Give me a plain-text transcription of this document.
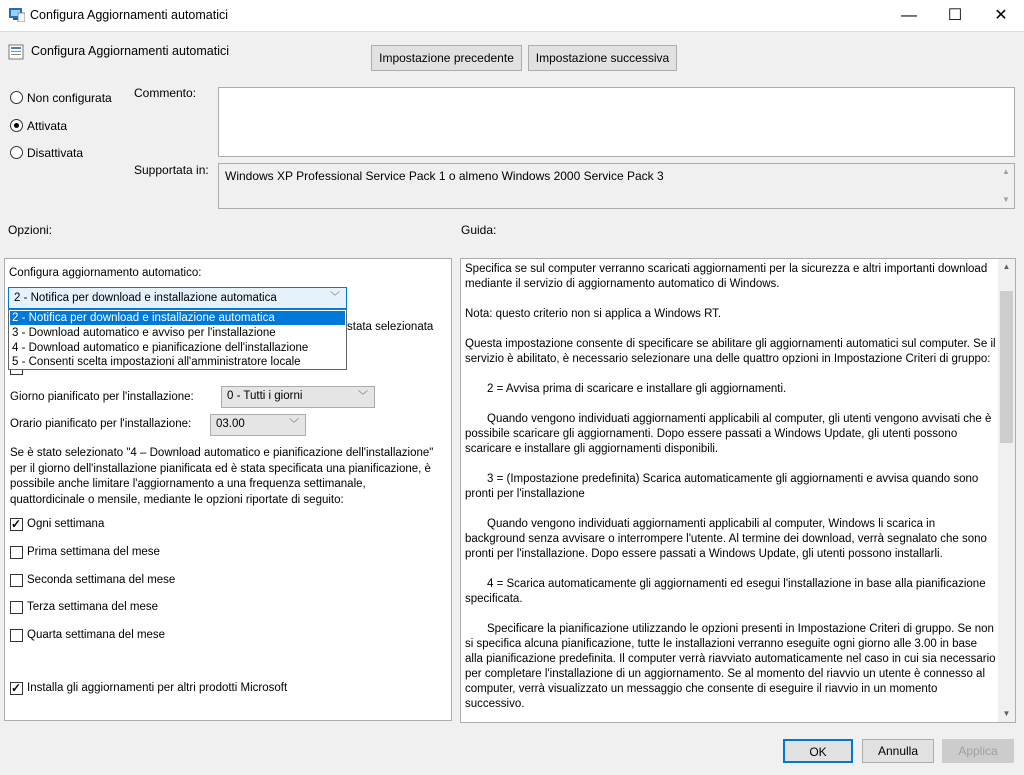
Configura Aggiornamenti automatici	—	☐	✕
Configura Aggiornamenti automatici	Impostazione precedente	Impostazione successiva
Non configurata
Attivata
Disattivata
Commento:
Supportata in:	Windows XP Professional Service Pack 1 o almeno Windows 2000 Service Pack 3	▲
▼
Opzioni:	Guida:
Configura aggiornamento automatico:
stata selezionata
Giorno pianificato per l'installazione:	0 - Tutti i giorni	﹀
Orario pianificato per l'installazione:	03.00	﹀
Se è stato selezionato "4 – Download automatico e pianificazione dell'installazione" per il giorno dell'installazione pianificata ed è stata specificata una pianificazione, è possibile anche limitare l'aggiornamento a una frequenza settimanale, quattordicinale o mensile, mediante le opzioni riportate di seguito:
✓
Ogni settimana
Prima settimana del mese
Seconda settimana del mese
Terza settimana del mese
Quarta settimana del mese
✓
Installa gli aggiornamenti per altri prodotti Microsoft
2 - Notifica per download e installazione automatica	﹀
2 - Notifica per download e installazione automatica
3 - Download automatico e avviso per l'installazione
4 - Download automatico e pianificazione dell'installazione
5 - Consenti scelta impostazioni all'amministratore locale

Specifica se sul computer verranno scaricati aggiornamenti per la sicurezza e altri importanti download mediante il servizio di aggiornamento automatico di Windows.

Nota: questo criterio non si applica a Windows RT.

Questa impostazione consente di specificare se abilitare gli aggiornamenti automatici sul computer. Se il servizio è abilitato, è necessario selezionare una delle quattro opzioni in Impostazione Criteri di gruppo:

2 = Avvisa prima di scaricare e installare gli aggiornamenti.

Quando vengono individuati aggiornamenti applicabili al computer, gli utenti vengono avvisati che è possibile scaricare gli aggiornamenti. Dopo essere passati a Windows Update, gli utenti possono scaricare e installare gli aggiornamenti disponibili.

3 = (Impostazione predefinita) Scarica automaticamente gli aggiornamenti e avvisa quando sono pronti per l'installazione

Quando vengono individuati aggiornamenti applicabili al computer, Windows li scarica in background senza avvisare o interrompere l'utente. Al termine dei download, verrà segnalato che sono pronti per l'installazione. Dopo essere passati a Windows Update, gli utenti possono installarli.

4 = Scarica automaticamente gli aggiornamenti ed esegui l'installazione in base alla pianificazione specificata.

Specificare la pianificazione utilizzando le opzioni presenti in Impostazione Criteri di gruppo. Se non si specifica alcuna pianificazione, tutte le installazioni verranno eseguite ogni giorno alle 3.00 in base alla pianificazione predefinita. Il computer verrà riavviato automaticamente nel caso in cui sia necessario per completare l'installazione di un aggiornamento. Se al momento del riavvio un utente è connesso al computer, verrà visualizzato un messaggio che consente di eseguire il riavvio in un momento successivo.

▲
▼
OK	Annulla	Applica
